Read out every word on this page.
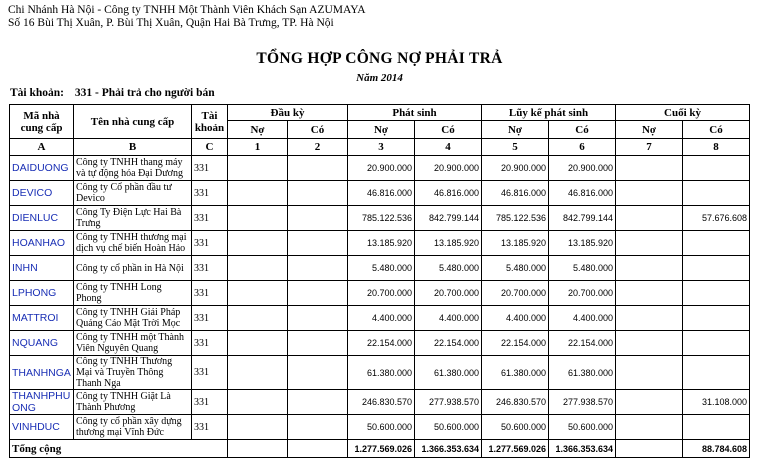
Chi Nhánh Hà Nội - Công ty TNHH Một Thành Viên Khách Sạn AZUMAYA
Số 16 Bùi Thị Xuân, P. Bùi Thị Xuân, Quận Hai Bà Trưng, TP. Hà Nội
TỔNG HỢP CÔNG NỢ PHẢI TRẢ
Năm 2014
Tài khoản: 331 - Phải trả cho người bán
Mã nhà cung cấp	Tên nhà cung cấp	Tài khoản	Đầu kỳ		Phát sinh		Lũy kế phát sinh		Cuối kỳ	
			Nợ	Có	Nợ	Có	Nợ	Có	Nợ	Có
A	B	C	1	2	3	4	5	6	7	8
DAIDUONG	Công ty TNHH thang máy và tự động hóa Đại Dương	331			20.900.000	20.900.000	20.900.000	20.900.000		
DEVICO	Công ty Cổ phần đầu tư Devico	331			46.816.000	46.816.000	46.816.000	46.816.000		
DIENLUC	Công Ty Điện Lực Hai Bà Trưng	331			785.122.536	842.799.144	785.122.536	842.799.144		57.676.608
HOANHAO	Công ty TNHH thương mại dịch vụ chế biến Hoàn Hảo	331			13.185.920	13.185.920	13.185.920	13.185.920		
INHN	Công ty cổ phần in Hà Nội	331			5.480.000	5.480.000	5.480.000	5.480.000		
LPHONG	Công ty TNHH Long Phong	331			20.700.000	20.700.000	20.700.000	20.700.000		
MATTROI	Công ty TNHH Giải Pháp Quảng Cáo Mặt Trời Mọc	331			4.400.000	4.400.000	4.400.000	4.400.000		
NQUANG	Công ty TNHH một Thành Viên Nguyên Quang	331			22.154.000	22.154.000	22.154.000	22.154.000		
THANHNGA	Công ty TNHH Thương Mại và Truyền Thông Thanh Nga	331			61.380.000	61.380.000	61.380.000	61.380.000		
THANHPHUONG	Công ty TNHH Giặt Là Thành Phương	331			246.830.570	277.938.570	246.830.570	277.938.570		31.108.000
VINHDUC	Công ty cổ phần xây dựng thương mại Vĩnh Đức	331			50.600.000	50.600.000	50.600.000	50.600.000		
Tổng cộng					1.277.569.026	1.366.353.634	1.277.569.026	1.366.353.634		88.784.608
